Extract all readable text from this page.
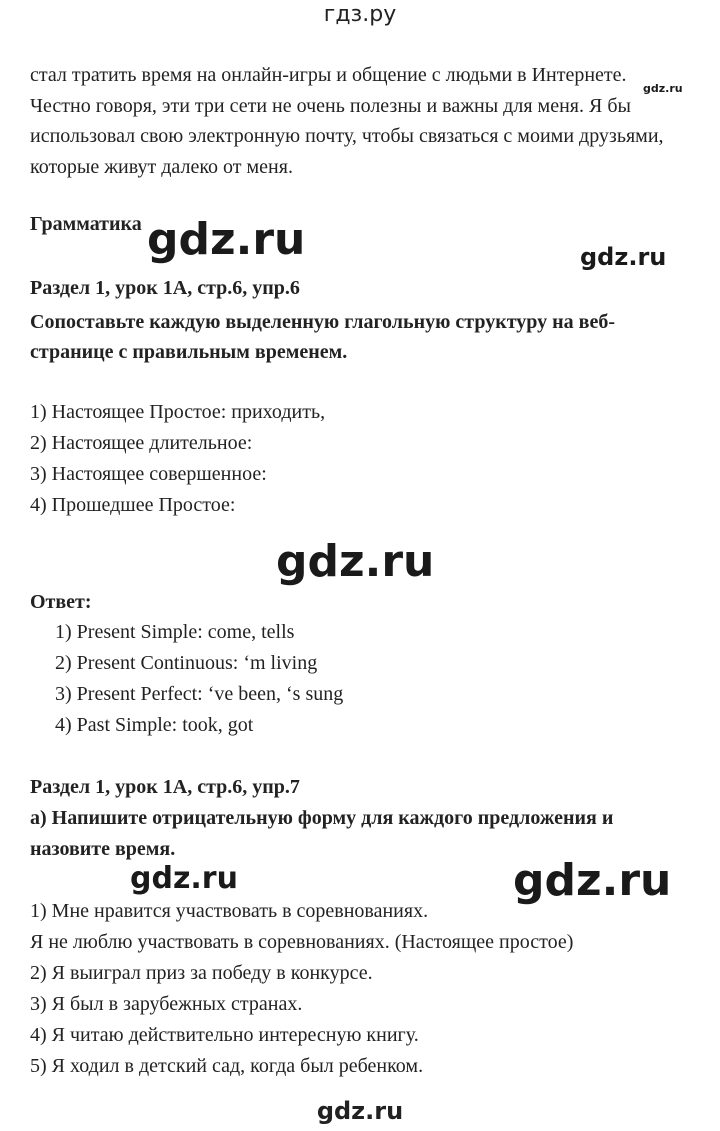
гдз.ру
стал тратить время на онлайн-игры и общение с людьми в Интернете.
Честно говоря, эти три сети не очень полезны и важны для меня. Я бы
использовал свою электронную почту, чтобы связаться с моими друзьями,
которые живут далеко от меня.
Грамматика
Раздел 1, урок 1А, стр.6, упр.6
Сопоставьте каждую выделенную глагольную структуру на веб-
странице с правильным временем.
1) Настоящее Простое: приходить,
2) Настоящее длительное:
3) Настоящее совершенное:
4) Прошедшее Простое:
Ответ:
1) Present Simple: come, tells
2) Present Continuous: ‘m living
3) Present Perfect: ‘ve been, ‘s sung
4) Past Simple: took, got
Раздел 1, урок 1А, стр.6, упр.7
а) Напишите отрицательную форму для каждого предложения и
назовите время.
1) Мне нравится участвовать в соревнованиях.
Я не люблю участвовать в соревнованиях. (Настоящее простое)
2) Я выиграл приз за победу в конкурсе.
3) Я был в зарубежных странах.
4) Я читаю действительно интересную книгу.
5) Я ходил в детский сад, когда был ребенком.
gdz.ru
gdz.ru	gdz.ru
gdz.ru
gdz.ru	gdz.ru
gdz.ru
